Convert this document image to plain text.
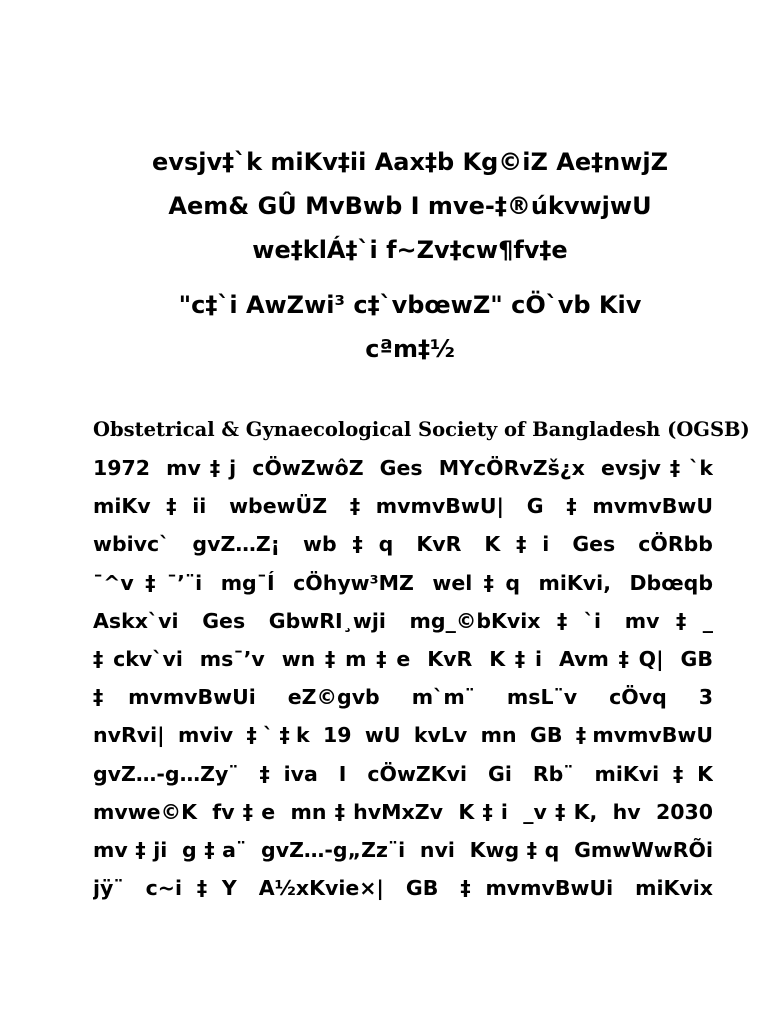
evsjv‡`k miKv‡ii Aax‡b Kg©iZ Ae‡nwjZ
Aem& GÛ MvBwb I mve-‡®úkvwjwU
we‡klÁ‡`i f~Zv‡cw¶fv‡e
"c‡`i AwZwi³ c‡`vbœwZ" cÖ`vb Kiv
cªm‡½
Obstetrical & Gynaecological Society of Bangladesh (OGSB)
1972 mv‡j cÖwZwôZ Ges MYcÖRvZš¿x evsjv‡`k
miKv‡ii wbewÜZ ‡mvmvBwU| G ‡mvmvBwU
wbivc` gvZ…Z¡ wb‡q KvR K‡i Ges cÖRbb
¯^v‡¯’¨i mg¯Í cÖhyw³MZ wel‡q miKvi, Dbœqb
Askx`vi Ges GbwRI¸wji mg_©bKvix‡`i mv‡_
‡ckv`vi ms¯’v wn‡m‡e KvR K‡i Avm‡Q| GB
‡mvmvBwUi eZ©gvb m`m¨ msL¨v cÖvq 3
nvRvi| mviv ‡`‡k 19 wU kvLv mn GB ‡mvmvBwU
gvZ…-g…Zy¨ ‡iva I cÖwZKvi Gi Rb¨ miKvi‡K
mvwe©K fv‡e mn‡hvMxZv K‡i _v‡K, hv 2030
mv‡ji g‡a¨ gvZ…-g„Zz¨i nvi Kwg‡q GmwWwRÕi
jÿ¨ c~i‡Y A½xKvie×| GB ‡mvmvBwUi miKvix
